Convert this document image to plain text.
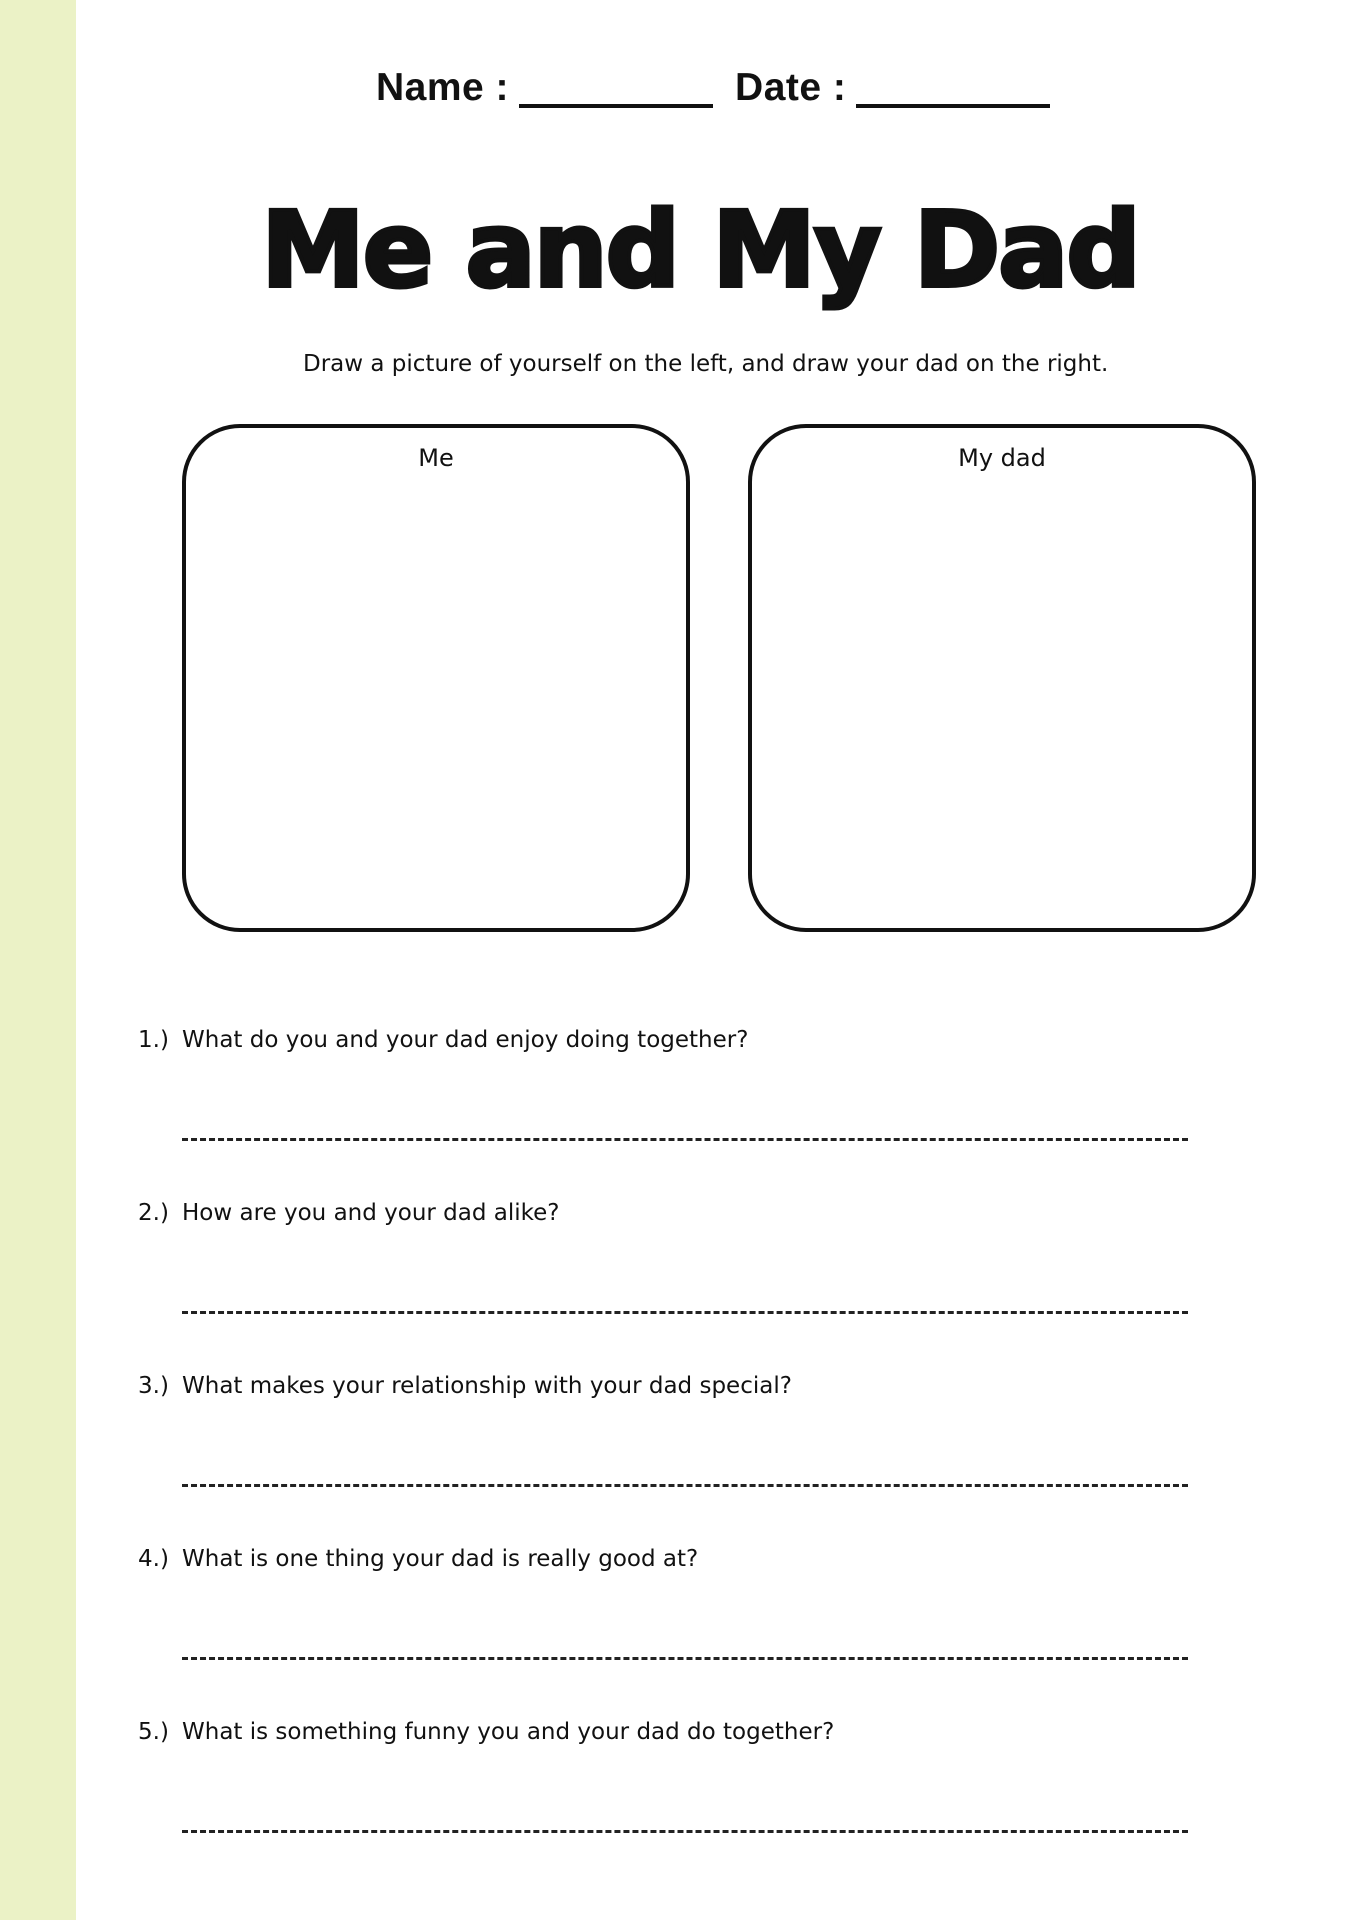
Name :	Date :
Me and My Dad
Draw a picture of yourself on the left, and draw your dad on the right.
Me	My dad
1.) What do you and your dad enjoy doing together?
2.) How are you and your dad alike?
3.) What makes your relationship with your dad special?
4.) What is one thing your dad is really good at?
5.) What is something funny you and your dad do together?
